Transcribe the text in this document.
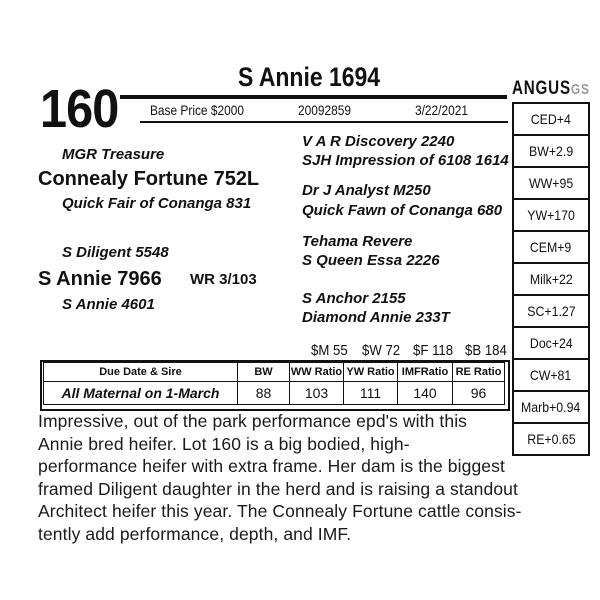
160
S Annie 1694
Base Price $2000	20092859	3/22/2021
MGR Treasure
Connealy Fortune 752L
Quick Fair of Conanga 831
S Diligent 5548
S Annie 7966 WR 3/103
S Annie 4601
V A R Discovery 2240
SJH Impression of 6108 1614
Dr J Analyst M250
Quick Fawn of Conanga 680
Tehama Revere
S Queen Essa 2226
S Anchor 2155
Diamond Annie 233T
$M 55 $W 72 $F 118 $B 184
ANGUSGS
CED+4
BW+2.9
WW+95
YW+170
CEM+9
Milk+22
SC+1.27
Doc+24
CW+81
Marb+0.94
RE+0.65
Due Date & Sire	BW	WW Ratio	YW Ratio	IMFRatio	RE Ratio
All Maternal on 1-March	88	103	111	140	96
Impressive, out of the park performance epd's with this
Annie bred heifer. Lot 160 is a big bodied, high-
performance heifer with extra frame. Her dam is the biggest
framed Diligent daughter in the herd and is raising a standout
Architect heifer this year. The Connealy Fortune cattle consis-
tently add performance, depth, and IMF.
